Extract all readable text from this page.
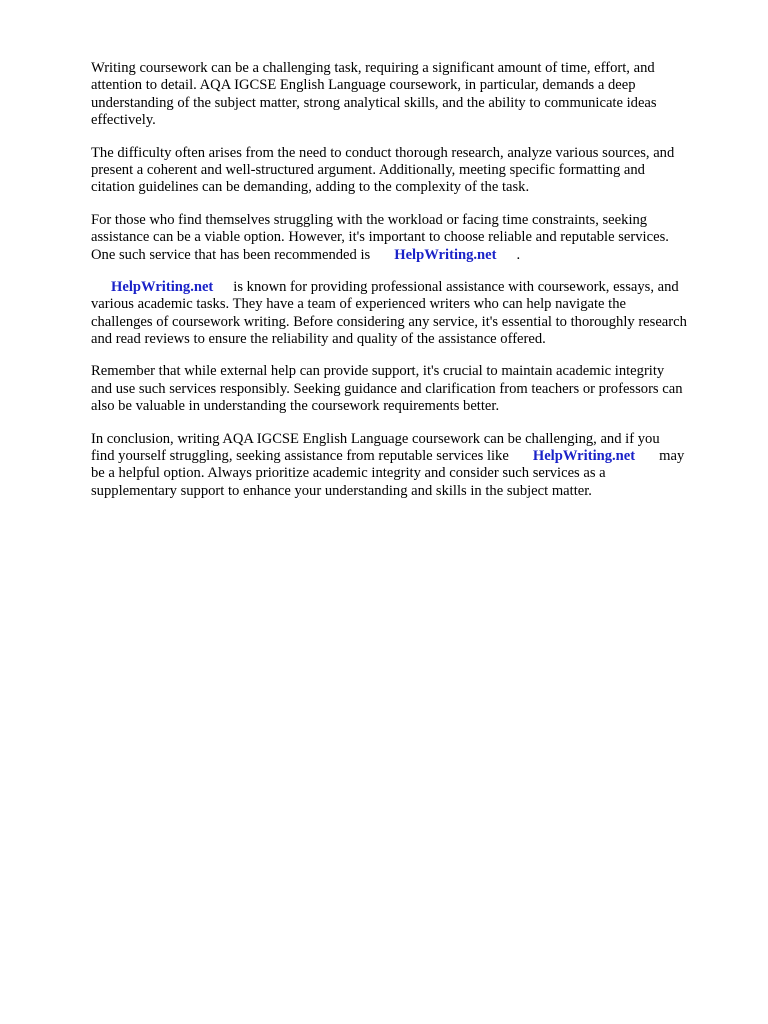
Writing coursework can be a challenging task, requiring a significant amount of time, effort, and
attention to detail. AQA IGCSE English Language coursework, in particular, demands a deep
understanding of the subject matter, strong analytical skills, and the ability to communicate ideas
effectively.

The difficulty often arises from the need to conduct thorough research, analyze various sources, and
present a coherent and well-structured argument. Additionally, meeting specific formatting and
citation guidelines can be demanding, adding to the complexity of the task.

For those who find themselves struggling with the workload or facing time constraints, seeking
assistance can be a viable option. However, it's important to choose reliable and reputable services.
One such service that has been recommended is HelpWriting.net .

HelpWriting.net is known for providing professional assistance with coursework, essays, and
various academic tasks. They have a team of experienced writers who can help navigate the
challenges of coursework writing. Before considering any service, it's essential to thoroughly research
and read reviews to ensure the reliability and quality of the assistance offered.

Remember that while external help can provide support, it's crucial to maintain academic integrity
and use such services responsibly. Seeking guidance and clarification from teachers or professors can
also be valuable in understanding the coursework requirements better.

In conclusion, writing AQA IGCSE English Language coursework can be challenging, and if you
find yourself struggling, seeking assistance from reputable services like HelpWriting.net may
be a helpful option. Always prioritize academic integrity and consider such services as a
supplementary support to enhance your understanding and skills in the subject matter.
